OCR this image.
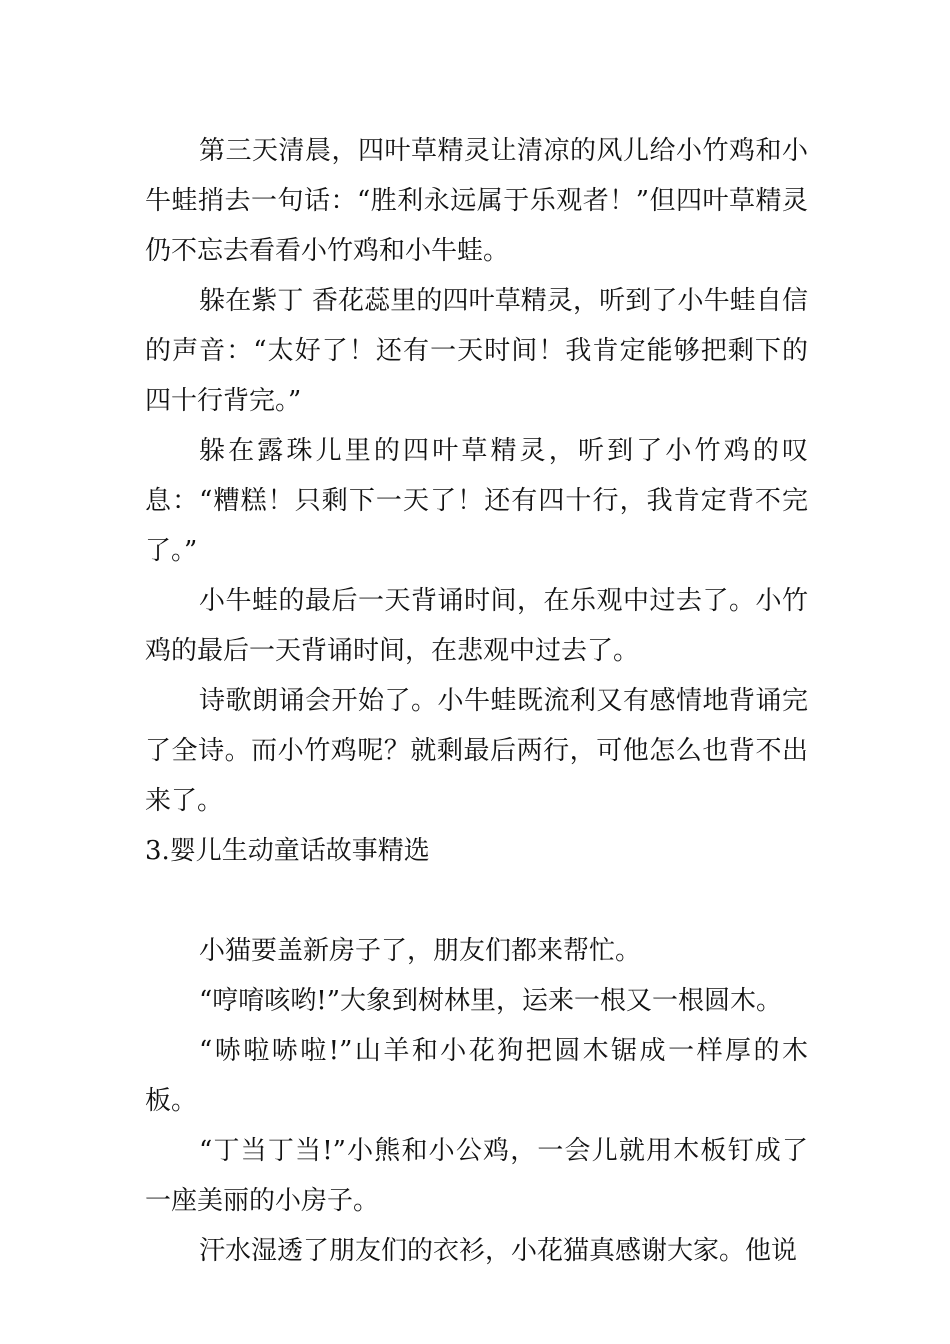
第三天清晨，四叶草精灵让清凉的风儿给小竹鸡和小牛蛙捎去一句话：“胜利永远属于乐观者！”但四叶草精灵仍不忘去看看小竹鸡和小牛蛙。

躲在紫丁 香花蕊里的四叶草精灵，听到了小牛蛙自信的声音：“太好了！还有一天时间！我肯定能够把剩下的四十行背完。”

躲在露珠儿里的四叶草精灵，听到了小竹鸡的叹息：“糟糕！只剩下一天了！还有四十行，我肯定背不完了。”

小牛蛙的最后一天背诵时间，在乐观中过去了。小竹鸡的最后一天背诵时间，在悲观中过去了。

诗歌朗诵会开始了。小牛蛙既流利又有感情地背诵完了全诗。而小竹鸡呢？就剩最后两行，可他怎么也背不出来了。

3.婴儿生动童话故事精选

小猫要盖新房子了，朋友们都来帮忙。

“哼唷咳哟!”大象到树林里，运来一根又一根圆木。

“哧啦哧啦!”山羊和小花狗把圆木锯成一样厚的木板。

“丁当丁当!”小熊和小公鸡，一会儿就用木板钉成了一座美丽的小房子。

汗水湿透了朋友们的衣衫，小花猫真感谢大家。他说
